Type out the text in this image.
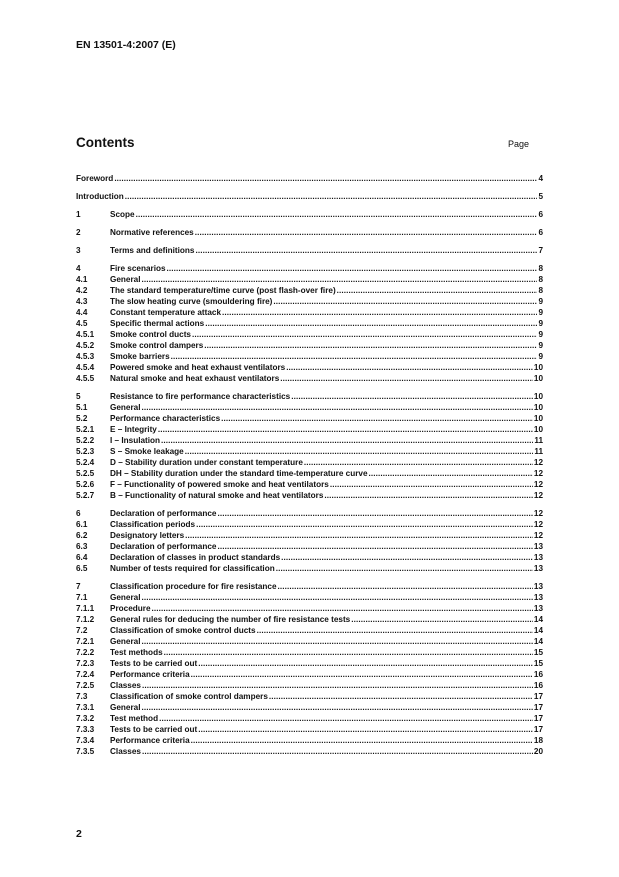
EN 13501-4:2007 (E)
Contents	Page
Foreword .....	4
Introduction .....	5
1	Scope .....	6
2	Normative references .....	6
3	Terms and definitions .....	7
4	Fire scenarios .....	8
4.1	General .....	8
4.2	The standard temperature/time curve (post flash-over fire) .....	8
4.3	The slow heating curve (smouldering fire) .....	9
4.4	Constant temperature attack .....	9
4.5	Specific thermal actions .....	9
4.5.1	Smoke control ducts .....	9
4.5.2	Smoke control dampers .....	9
4.5.3	Smoke barriers .....	9
4.5.4	Powered smoke and heat exhaust ventilators .....	10
4.5.5	Natural smoke and heat exhaust ventilators .....	10
5	Resistance to fire performance characteristics .....	10
5.1	General .....	10
5.2	Performance characteristics .....	10
5.2.1	E – Integrity .....	10
5.2.2	I – Insulation .....	11
5.2.3	S – Smoke leakage .....	11
5.2.4	D – Stability duration under constant temperature .....	12
5.2.5	DH – Stability duration under the standard time-temperature curve .....	12
5.2.6	F – Functionality of powered smoke and heat ventilators .....	12
5.2.7	B – Functionality of natural smoke and heat ventilators .....	12
6	Declaration of performance .....	12
6.1	Classification periods .....	12
6.2	Designatory letters .....	12
6.3	Declaration of performance .....	13
6.4	Declaration of classes in product standards .....	13
6.5	Number of tests required for classification .....	13
7	Classification procedure for fire resistance .....	13
7.1	General .....	13
7.1.1	Procedure .....	13
7.1.2	General rules for deducing the number of fire resistance tests .....	14
7.2	Classification of smoke control ducts .....	14
7.2.1	General .....	14
7.2.2	Test methods .....	15
7.2.3	Tests to be carried out .....	15
7.2.4	Performance criteria .....	16
7.2.5	Classes .....	16
7.3	Classification of smoke control dampers .....	17
7.3.1	General .....	17
7.3.2	Test method .....	17
7.3.3	Tests to be carried out .....	17
7.3.4	Performance criteria .....	18
7.3.5	Classes .....	20
2
